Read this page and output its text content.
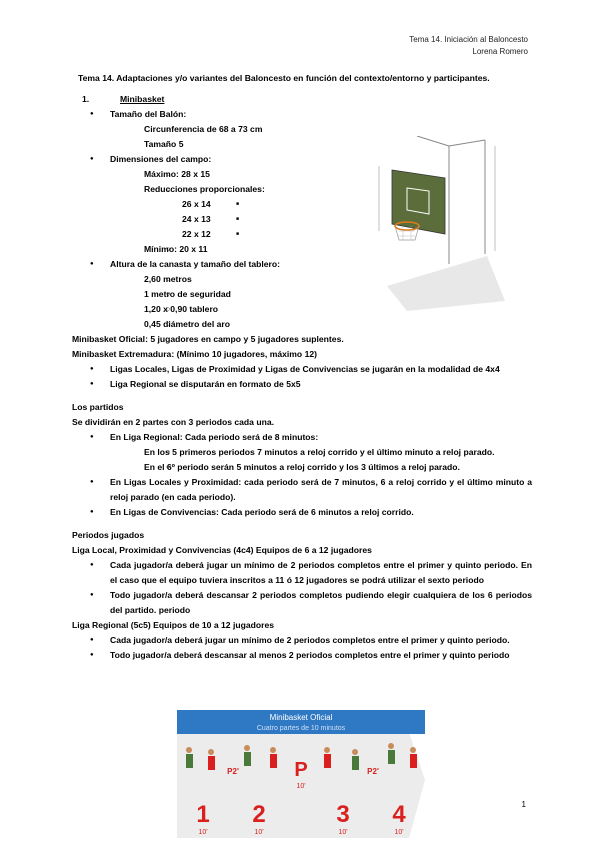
Tema 14. Iniciación al Baloncesto
Lorena Romero
Tema 14. Adaptaciones y/o variantes del Baloncesto en función del contexto/entorno y participantes.
1.	Minibasket
● Tamaño del Balón:
○ Circunferencia de 68 a 73 cm
○ Tamaño 5
● Dimensiones del campo:
○ Máximo: 28 x 15
○ Reducciones proporcionales:
■ 26 x 14
■ 24 x 13
■ 22 x 12
○ Mínimo: 20 x 11
● Altura de la canasta y tamaño del tablero:
○ 2,60 metros
○ 1 metro de seguridad
○ 1,20 x 0,90 tablero
○ 0,45 diámetro del aro
Minibasket Oficial: 5 jugadores en campo y 5 jugadores suplentes.
Minibasket Extremadura: (Mínimo 10 jugadores, máximo 12)
● Ligas Locales, Ligas de Proximidad y Ligas de Convivencias se jugarán en la modalidad de 4x4
● Liga Regional se disputarán en formato de 5x5
Los partidos
Se dividirán en 2 partes con 3 periodos cada una.
● En Liga Regional: Cada periodo será de 8 minutos:
○ En los 5 primeros periodos 7 minutos a reloj corrido y el último minuto a reloj parado.
○ En el 6º periodo serán 5 minutos a reloj corrido y los 3 últimos a reloj parado.
● En Ligas Locales y Proximidad: cada periodo será de 7 minutos, 6 a reloj corrido y el último minuto a reloj parado (en cada periodo).
● En Ligas de Convivencias: Cada periodo será de 6 minutos a reloj corrido.
Periodos jugados
Liga Local, Proximidad y Convivencias (4c4) Equipos de 6 a 12 jugadores
● Cada jugador/a deberá jugar un mínimo de 2 periodos completos entre el primer y quinto periodo. En el caso que el equipo tuviera inscritos a 11 ó 12 jugadores se podrá utilizar el sexto periodo
● Todo jugador/a deberá descansar 2 periodos completos pudiendo elegir cualquiera de los 6 periodos del partido. periodo
Liga Regional (5c5) Equipos de 10 a 12 jugadores
● Cada jugador/a deberá jugar un mínimo de 2 periodos completos entre el primer y quinto periodo.
● Todo jugador/a deberá descansar al menos 2 periodos completos entre el primer y quinto periodo
Minibasket Oficial
Cuatro partes de 10 minutos
1 2	3 4
10'	10'	10'	10'
P2'	P
10'
P2'
1
